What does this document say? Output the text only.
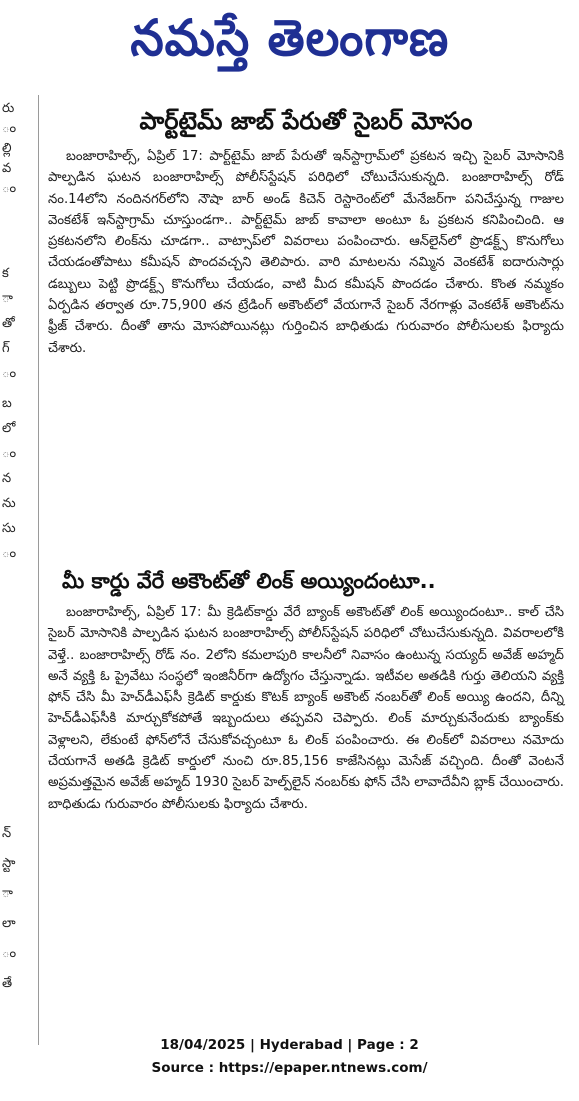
నమస్తే తెలంగాణ
రు
ం
ల్లి
వ
ం
క
ా
తో
గ్
ం
బ
లో
ం
న
ను
సు
ం
న్
స్టా
ా
లా
ం
తే
పార్ట్‌టైమ్ జాబ్ పేరుతో సైబర్ మోసం

బంజారాహిల్స్, ఏప్రిల్ 17: పార్ట్‌టైమ్ జాబ్ పేరుతో ఇన్‌స్టాగ్రామ్‌లో ప్రకటన ఇచ్చి సైబర్ మోసానికి పాల్పడిన ఘటన బంజారాహిల్స్ పోలీస్‌స్టేషన్ పరిధిలో చోటుచేసుకున్నది. బంజారాహిల్స్ రోడ్ నం.14లోని నందినగర్‌లోని నౌషా బార్ అండ్ కిచెన్ రెస్టారెంట్‌లో మేనేజర్‌గా పనిచేస్తున్న గాజుల వెంకటేశ్ ఇన్‌స్టాగ్రామ్ చూస్తుండగా.. పార్ట్‌టైమ్ జాబ్ కావాలా అంటూ ఓ ప్రకటన కనిపించింది. ఆ ప్రకటనలోని లింక్‌ను చూడగా.. వాట్సాప్‌లో వివరాలు పంపించారు. ఆన్‌లైన్‌లో ప్రొడక్ట్స్ కొనుగోలు చేయడంతోపాటు కమీషన్ పొందవచ్చని తెలిపారు. వారి మాటలను నమ్మిన వెంకటేశ్ ఐదారుసార్లు డబ్బులు పెట్టి ప్రొడక్ట్స్ కొనుగోలు చేయడం, వాటి మీద కమీషన్ పొందడం చేశారు. కొంత నమ్మకం ఏర్పడిన తర్వాత రూ.75,900 తన ట్రేడింగ్ అకౌంట్‌లో వేయగానే సైబర్ నేరగాళ్లు వెంకటేశ్ అకౌంట్‌ను ఫ్రీజ్ చేశారు. దీంతో తాను మోసపోయినట్లు గుర్తించిన బాధితుడు గురువారం పోలీసులకు ఫిర్యాదు చేశారు.

మీ కార్డు వేరే అకౌంట్‌తో లింక్ అయ్యిందంటూ..

బంజారాహిల్స్, ఏప్రిల్ 17: మీ క్రెడిట్‌కార్డు వేరే బ్యాంక్ అకౌంట్‌తో లింక్ అయ్యిందంటూ.. కాల్ చేసి సైబర్ మోసానికి పాల్పడిన ఘటన బంజారాహిల్స్ పోలీస్‌స్టేషన్ పరిధిలో చోటుచేసుకున్నది. వివరాలలోకి వెళ్తే.. బంజారాహిల్స్ రోడ్ నం. 2లోని కమలాపురి కాలనీలో నివాసం ఉంటున్న సయ్యద్ అవేజ్ అహ్మద్ అనే వ్యక్తి ఓ ప్రైవేటు సంస్థలో ఇంజినీర్‌గా ఉద్యోగం చేస్తున్నాడు. ఇటీవల అతడికి గుర్తు తెలియని వ్యక్తి ఫోన్ చేసి మీ హెచ్‌డీఎఫ్‌సీ క్రెడిట్ కార్డుకు కొటక్ బ్యాంక్ అకౌంట్ నంబర్‌తో లింక్ అయ్యి ఉందని, దీన్ని హెచ్‌డీఎఫ్‌సీకి మార్చుకోకపోతే ఇబ్బందులు తప్పవని చెప్పారు. లింక్ మార్చుకునేందుకు బ్యాంక్‌కు వెళ్లాలని, లేకుంటే ఫోన్‌లోనే చేసుకోవచ్చంటూ ఓ లింక్ పంపించారు. ఈ లింక్‌లో వివరాలు నమోదు చేయగానే అతడి క్రెడిట్ కార్డులో నుంచి రూ.85,156 కాజేసినట్లు మెసేజ్ వచ్చింది. దీంతో వెంటనే అప్రమత్తమైన అవేజ్ అహ్మద్ 1930 సైబర్ హెల్ప్‌లైన్ నంబర్‌కు ఫోన్ చేసి లావాదేవీని బ్లాక్ చేయించారు. బాధితుడు గురువారం పోలీసులకు ఫిర్యాదు చేశారు.

18/04/2025 | Hyderabad | Page : 2
Source : https://epaper.ntnews.com/
